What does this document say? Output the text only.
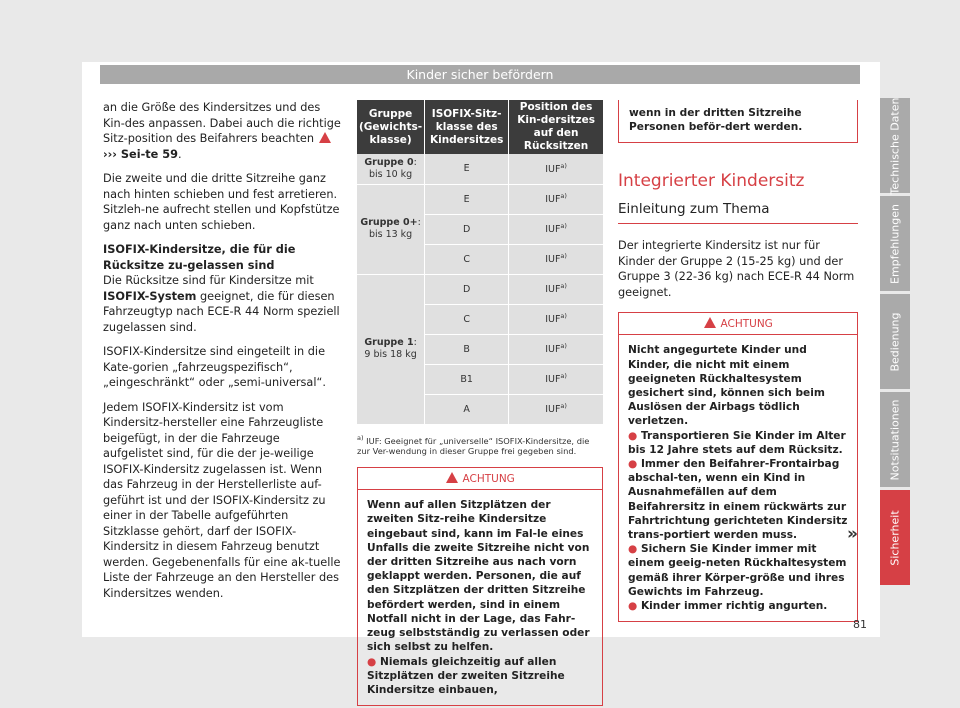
Kinder sicher befördern

an die Größe des Kindersitzes und des Kin-des anpassen. Dabei auch die richtige Sitz-position des Beifahrers beachten  ››› Sei-te 59.

Die zweite und die dritte Sitzreihe ganz nach hinten schieben und fest arretieren. Sitzleh-ne aufrecht stellen und Kopfstütze ganz nach unten schieben.

ISOFIX-Kindersitze, die für die Rücksitze zu-gelassen sind

Die Rücksitze sind für Kindersitze mit ISOFIX-System geeignet, die für diesen Fahrzeugtyp nach ECE-R 44 Norm speziell zugelassen sind.

ISOFIX-Kindersitze sind eingeteilt in die Kate-gorien „fahrzeugspezifisch“, „eingeschränkt“ oder „semi-universal“.

Jedem ISOFIX-Kindersitz ist vom Kindersitz-hersteller eine Fahrzeugliste beigefügt, in der die Fahrzeuge aufgelistet sind, für die der je-weilige ISOFIX-Kindersitz zugelassen ist. Wenn das Fahrzeug in der Herstellerliste auf-geführt ist und der ISOFIX-Kindersitz zu einer in der Tabelle aufgeführten Sitzklasse gehört, darf der ISOFIX-Kindersitz in diesem Fahrzeug benutzt werden. Gegebenenfalls für eine ak-tuelle Liste der Fahrzeuge an den Hersteller des Kindersitzes wenden.

Gruppe (Gewichts-klasse)	ISOFIX-Sitz-klasse des Kindersitzes	Position des Kin-dersitzes auf den Rücksitzen
Gruppe 0:
bis 10 kg	E	IUF$^{a)}$
Gruppe 0+:
bis 13 kg	E	IUF$^{a)}$
	D	IUF$^{a)}$
	C	IUF$^{a)}$
Gruppe 1:
9 bis 18 kg	D	IUF$^{a)}$
	C	IUF$^{a)}$
	B	IUF$^{a)}$
	B1	IUF$^{a)}$
	A	IUF$^{a)}$
$^{a)}$ IUF: Geeignet für „universelle“ ISOFIX-Kindersitze, die zur Ver-wendung in dieser Gruppe frei gegeben sind.
ACHTUNG
Wenn auf allen Sitzplätzen der zweiten Sitz-reihe Kindersitze eingebaut sind, kann im Fal-le eines Unfalls die zweite Sitzreihe nicht von der dritten Sitzreihe aus nach vorn geklappt werden. Personen, die auf den Sitzplätzen der dritten Sitzreihe befördert werden, sind in einem Notfall nicht in der Lage, das Fahr-zeug selbstständig zu verlassen oder sich selbst zu helfen.
● Niemals gleichzeitig auf allen Sitzplätzen der zweiten Sitzreihe Kindersitze einbauen,
wenn in der dritten Sitzreihe Personen beför-dert werden.
Integrierter Kindersitz
Einleitung zum Thema
Der integrierte Kindersitz ist nur für Kinder der Gruppe 2 (15-25 kg) und der Gruppe 3 (22-36 kg) nach ECE-R 44 Norm geeignet.
ACHTUNG
Nicht angegurtete Kinder und Kinder, die nicht mit einem geeigneten Rückhaltesystem gesichert sind, können sich beim Auslösen der Airbags tödlich verletzen.
● Transportieren Sie Kinder im Alter bis 12 Jahre stets auf dem Rücksitz.
● Immer den Beifahrer-Frontairbag abschal-ten, wenn ein Kind in Ausnahmefällen auf dem Beifahrersitz in einem rückwärts zur Fahrtrichtung gerichteten Kindersitz trans-portiert werden muss.
● Sichern Sie Kinder immer mit einem geeig-neten Rückhaltesystem gemäß ihrer Körper-größe und ihres Gewichts im Fahrzeug.
● Kinder immer richtig angurten.
»
Technische Daten
Empfehlungen
Bedienung
Notsituationen
Sicherheit
81
